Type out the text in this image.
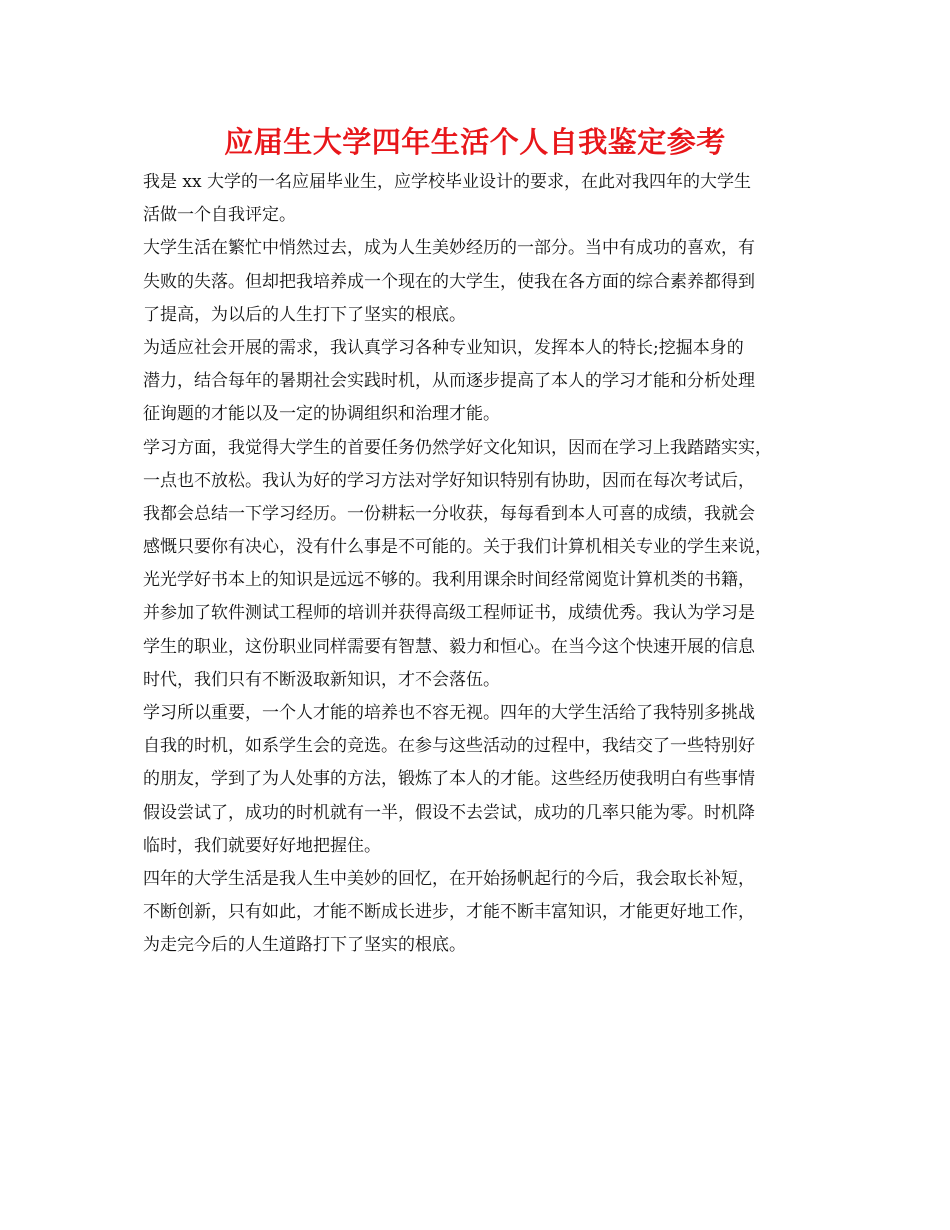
应届生大学四年生活个人自我鉴定参考
我是 xx 大学的一名应届毕业生，应学校毕业设计的要求，在此对我四年的大学生
活做一个自我评定。
大学生活在繁忙中悄然过去，成为人生美妙经历的一部分。当中有成功的喜欢，有
失败的失落。但却把我培养成一个现在的大学生，使我在各方面的综合素养都得到
了提高，为以后的人生打下了坚实的根底。
为适应社会开展的需求，我认真学习各种专业知识，发挥本人的特长;挖掘本身的
潜力，结合每年的暑期社会实践时机，从而逐步提高了本人的学习才能和分析处理
征询题的才能以及一定的协调组织和治理才能。
学习方面，我觉得大学生的首要任务仍然学好文化知识，因而在学习上我踏踏实实，
一点也不放松。我认为好的学习方法对学好知识特别有协助，因而在每次考试后，
我都会总结一下学习经历。一份耕耘一分收获，每每看到本人可喜的成绩，我就会
感慨只要你有决心，没有什么事是不可能的。关于我们计算机相关专业的学生来说，
光光学好书本上的知识是远远不够的。我利用课余时间经常阅览计算机类的书籍，
并参加了软件测试工程师的培训并获得高级工程师证书，成绩优秀。我认为学习是
学生的职业，这份职业同样需要有智慧、毅力和恒心。在当今这个快速开展的信息
时代，我们只有不断汲取新知识，才不会落伍。
学习所以重要，一个人才能的培养也不容无视。四年的大学生活给了我特别多挑战
自我的时机，如系学生会的竞选。在参与这些活动的过程中，我结交了一些特别好
的朋友，学到了为人处事的方法，锻炼了本人的才能。这些经历使我明白有些事情
假设尝试了，成功的时机就有一半，假设不去尝试，成功的几率只能为零。时机降
临时，我们就要好好地把握住。
四年的大学生活是我人生中美妙的回忆，在开始扬帆起行的今后，我会取长补短，
不断创新，只有如此，才能不断成长进步，才能不断丰富知识，才能更好地工作，
为走完今后的人生道路打下了坚实的根底。
